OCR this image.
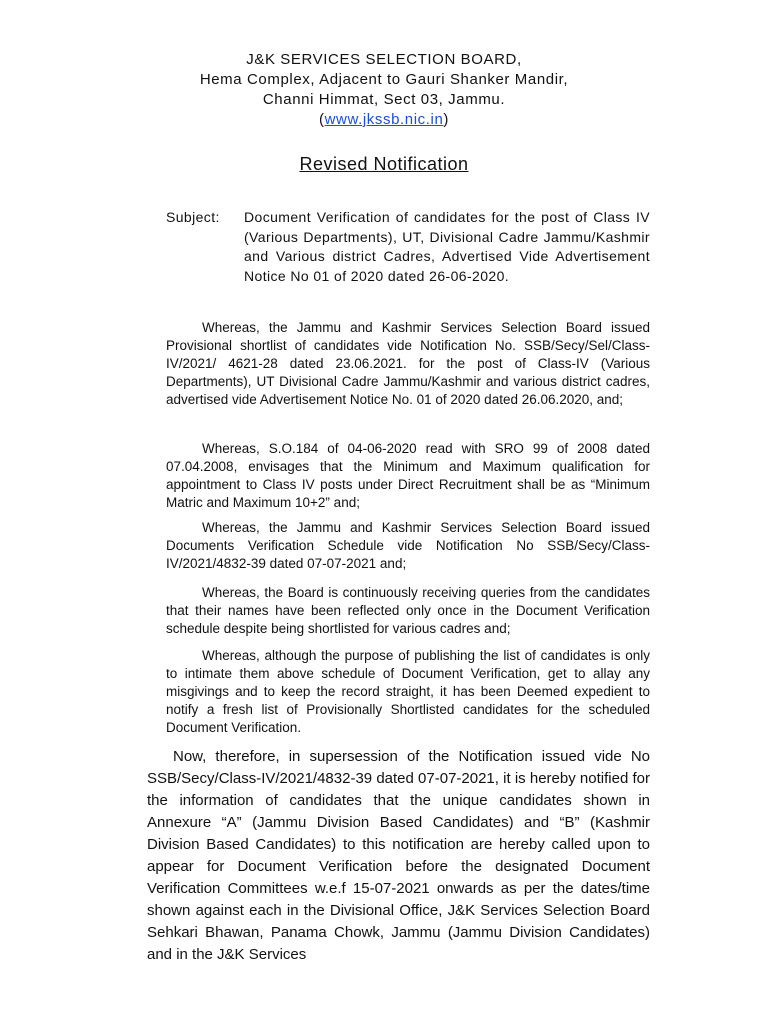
J&K SERVICES SELECTION BOARD,
Hema Complex, Adjacent to Gauri Shanker Mandir,
Channi Himmat, Sect 03, Jammu.
(www.jkssb.nic.in)
Revised Notification
Subject: Document Verification of candidates for the post of Class IV (Various Departments), UT, Divisional Cadre Jammu/Kashmir and Various district Cadres, Advertised Vide Advertisement Notice No 01 of 2020 dated 26-06-2020.

Whereas, the Jammu and Kashmir Services Selection Board issued Provisional shortlist of candidates vide Notification No. SSB/Secy/Sel/Class-IV/2021/ 4621-28 dated 23.06.2021. for the post of Class-IV (Various Departments), UT Divisional Cadre Jammu/Kashmir and various district cadres, advertised vide Advertisement Notice No. 01 of 2020 dated 26.06.2020, and;

Whereas, S.O.184 of 04-06-2020 read with SRO 99 of 2008 dated 07.04.2008, envisages that the Minimum and Maximum qualification for appointment to Class IV posts under Direct Recruitment shall be as “Minimum Matric and Maximum 10+2” and;

Whereas, the Jammu and Kashmir Services Selection Board issued Documents Verification Schedule vide Notification No SSB/Secy/Class-IV/2021/4832-39 dated 07-07-2021 and;

Whereas, the Board is continuously receiving queries from the candidates that their names have been reflected only once in the Document Verification schedule despite being shortlisted for various cadres and;

Whereas, although the purpose of publishing the list of candidates is only to intimate them above schedule of Document Verification, get to allay any misgivings and to keep the record straight, it has been Deemed expedient to notify a fresh list of Provisionally Shortlisted candidates for the scheduled Document Verification.

Now, therefore, in supersession of the Notification issued vide No SSB/Secy/Class-IV/2021/4832-39 dated 07-07-2021, it is hereby notified for the information of candidates that the unique candidates shown in Annexure “A” (Jammu Division Based Candidates) and “B” (Kashmir Division Based Candidates) to this notification are hereby called upon to appear for Document Verification before the designated Document Verification Committees w.e.f 15-07-2021 onwards as per the dates/time shown against each in the Divisional Office, J&K Services Selection Board Sehkari Bhawan, Panama Chowk, Jammu (Jammu Division Candidates) and in the J&K Services
